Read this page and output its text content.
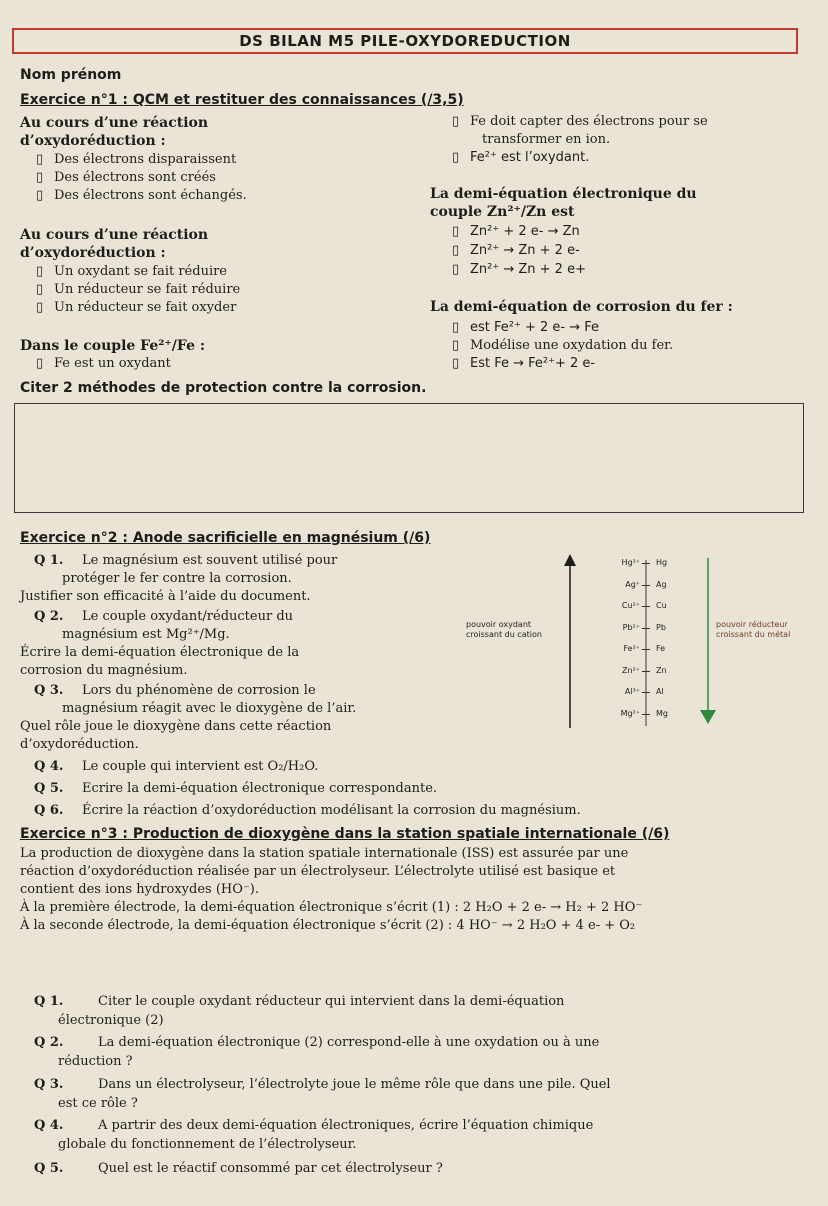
DS BILAN M5 PILE-OXYDOREDUCTION
Nom prénom
Exercice n°1 : QCM et restituer des connaissances (/3,5)
Au cours d’une réaction
d’oxydoréduction :
▯ Des électrons disparaissent
▯ Des électrons sont créés
▯ Des électrons sont échangés.
Au cours d’une réaction
d’oxydoréduction :
▯ Un oxydant se fait réduire
▯ Un réducteur se fait réduire
▯ Un réducteur se fait oxyder
Dans le couple Fe²⁺/Fe :
▯ Fe est un oxydant
▯ Fe doit capter des électrons pour se
transformer en ion.
▯ Fe²⁺ est l’oxydant.
La demi-équation électronique du
couple Zn²⁺/Zn est
▯ Zn²⁺ + 2 e- → Zn
▯ Zn²⁺ → Zn + 2 e-
▯ Zn²⁺ → Zn + 2 e+
La demi-équation de corrosion du fer :
▯ est Fe²⁺ + 2 e- → Fe
▯ Modélise une oxydation du fer.
▯ Est Fe → Fe²⁺+ 2 e-
Citer 2 méthodes de protection contre la corrosion.
Exercice n°2 : Anode sacrificielle en magnésium (/6)
Q 1. Le magnésium est souvent utilisé pour
protéger le fer contre la corrosion.
Justifier son efficacité à l’aide du document.
Q 2. Le couple oxydant/réducteur du
magnésium est Mg²⁺/Mg.
Écrire la demi-équation électronique de la
corrosion du magnésium.
Q 3. Lors du phénomène de corrosion le
magnésium réagit avec le dioxygène de l’air.
Quel rôle joue le dioxygène dans cette réaction
d’oxydoréduction.
Q 4. Le couple qui intervient est O₂/H₂O.
Q 5. Ecrire la demi-équation électronique correspondante.
Q 6. Écrire la réaction d’oxydoréduction modélisant la corrosion du magnésium.
Hg²⁺ Hg
Ag⁺ Ag
Cu²⁺ Cu
Pb²⁺ Pb
Fe²⁺ Fe
Zn²⁺ Zn
Al³⁺ Al
Mg²⁺ Mg
pouvoir oxydant
croissant du cation
pouvoir réducteur
croissant du métal
Exercice n°3 : Production de dioxygène dans la station spatiale internationale (/6)
La production de dioxygène dans la station spatiale internationale (ISS) est assurée par une
réaction d’oxydoréduction réalisée par un électrolyseur. L’électrolyte utilisé est basique et
contient des ions hydroxydes (HO⁻).
À la première électrode, la demi-équation électronique s’écrit (1) : 2 H₂O + 2 e- → H₂ + 2 HO⁻
À la seconde électrode, la demi-équation électronique s’écrit (2) : 4 HO⁻ → 2 H₂O + 4 e- + O₂
Q 1.	Citer le couple oxydant réducteur qui intervient dans la demi-équation
électronique (2)
Q 2.	La demi-équation électronique (2) correspond-elle à une oxydation ou à une
réduction ?
Q 3.	Dans un électrolyseur, l’électrolyte joue le même rôle que dans une pile. Quel
est ce rôle ?
Q 4.	A partrir des deux demi-équation électroniques, écrire l’équation chimique
globale du fonctionnement de l’électrolyseur.
Q 5.	Quel est le réactif consommé par cet électrolyseur ?
